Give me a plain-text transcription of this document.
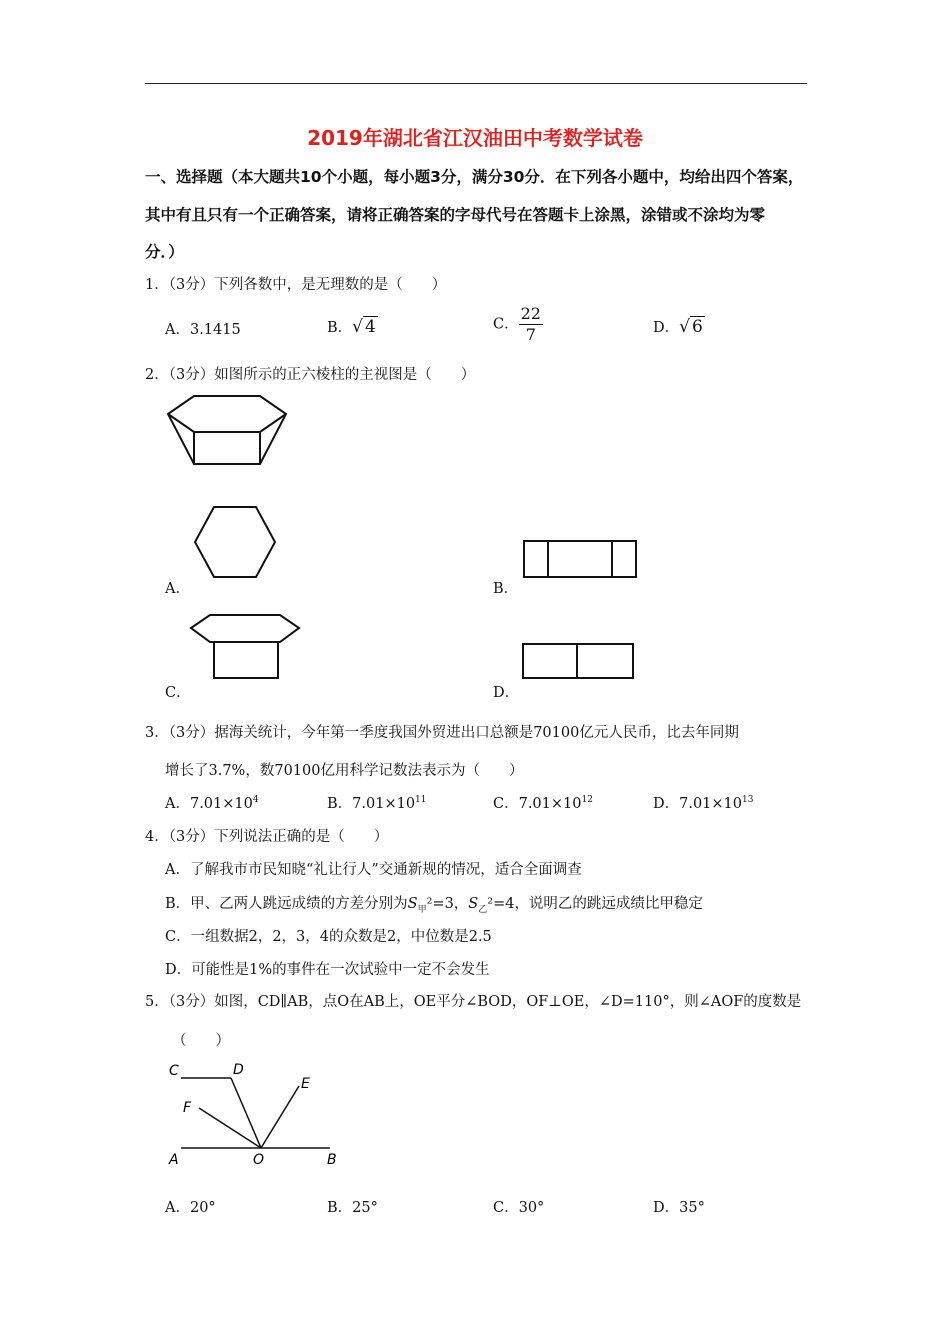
2019年湖北省江汉油田中考数学试卷
一、选择题（本大题共10个小题，每小题3分，满分30分．在下列各小题中，均给出四个答案，
其中有且只有一个正确答案，请将正确答案的字母代号在答题卡上涂黑，涂错或不涂均为零
分．）
1．（3分）下列各数中，是无理数的是（　　）
A．3.1415	B．√ 4	C． $\frac{22}{7}$	D．√ 6
2．（3分）如图所示的正六棱柱的主视图是（　　）
A．	B．
C．	D．
3．（3分）据海关统计，今年第一季度我国外贸进出口总额是70100亿元人民币，比去年同期
增长了3.7%，数70100亿用科学记数法表示为（　　）
A．$7.01\times 10^4$	B．$7.01\times 10^{11}$	C．$7.01\times 10^{12}$	D．$7.01\times 10^{13}$
4．（3分）下列说法正确的是（　　）
A．了解我市市民知晓“礼让行人”交通新规的情况，适合全面调查
B．甲、乙两人跳远成绩的方差分别为$S_甲^2=3$，$S_乙^2=4$，说明乙的跳远成绩比甲稳定
C．一组数据2，2，3，4的众数是2，中位数是2.5
D．可能性是1%的事件在一次试验中一定不会发生
5．（3分）如图，CD∥AB，点O在AB上，OE平分∠BOD，OF⊥OE，∠D=110°，则∠AOF的度数是
（　　）
C	D
F
E
A	O	B
A．20°	B．25°	C．30°	D．35°
